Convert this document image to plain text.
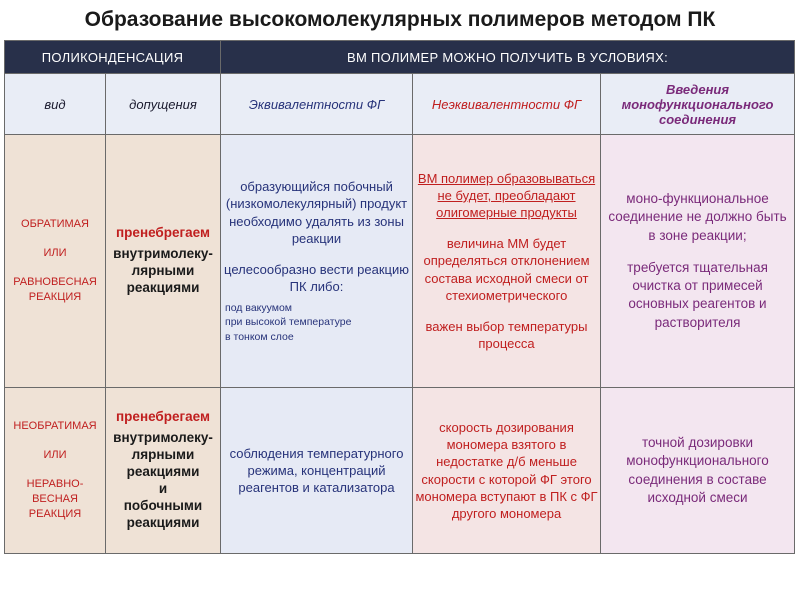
Образование высокомолекулярных полимеров методом ПК
ПОЛИКОНДЕНСАЦИЯ		ВМ ПОЛИМЕР МОЖНО ПОЛУЧИТЬ В УСЛОВИЯХ:		
вид	допущения	Эквивалентности ФГ	Неэквивалентности ФГ	Введения монофункционального соединения

ОБРАТИМАЯ
ИЛИ
РАВНОВЕСНАЯ РЕАКЦИЯ	пренебрегаем
внутримолеку-лярными реакциями	образующийся побочный (низкомолекулярный) продукт необходимо удалять из зоны реакции
целесообразно вести реакцию ПК либо:
под вакуумом
при высокой температуре
в тонком слое	ВМ полимер образовываться не будет, преобладают олигомерные продукты
величина ММ будет определяться отклонением состава исходной смеси от стехиометрического
важен выбор температуры процесса	моно-функциональное соединение не должно быть в зоне реакции;
требуется тщательная очистка от примесей основных реагентов и растворителя

НЕОБРАТИМАЯ
ИЛИ
НЕРАВНО-ВЕСНАЯ РЕАКЦИЯ	пренебрегаем
внутримолеку-лярными реакциями
и
побочными реакциями	соблюдения температурного режима, концентраций реагентов и катализатора	скорость дозирования мономера взятого в недостатке д/б меньше скорости с которой ФГ этого мономера вступают в ПК с ФГ другого мономера	точной дозировки монофункционального соединения в составе исходной смеси
